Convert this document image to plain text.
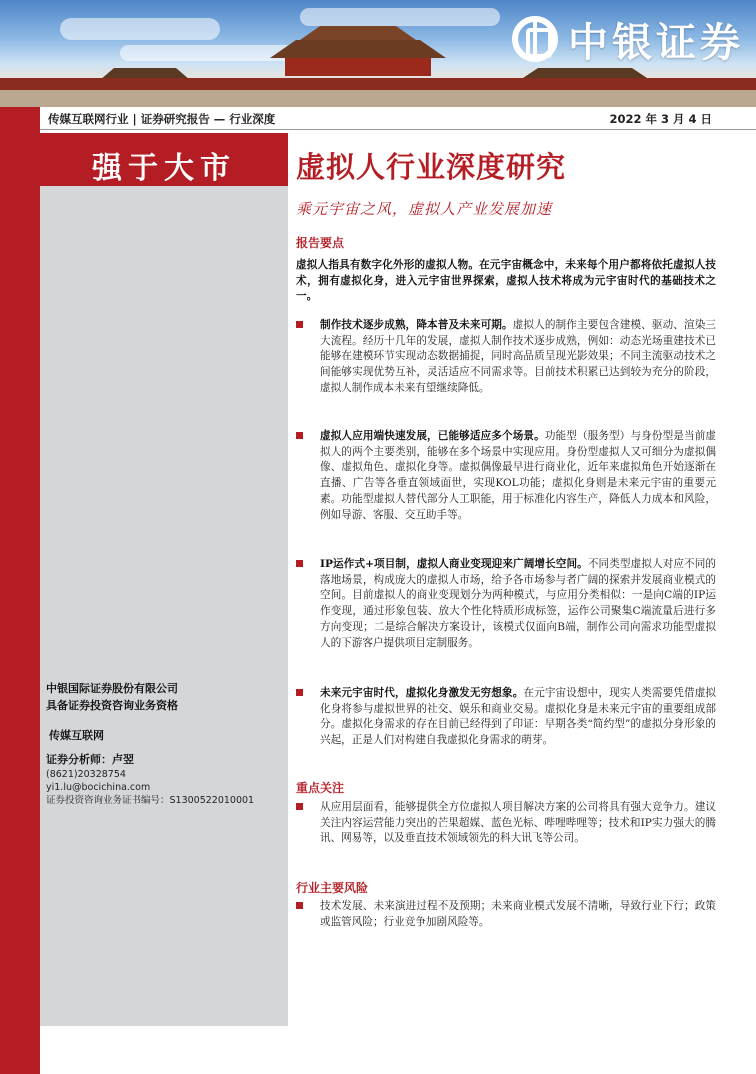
中银证券
传媒互联网行业 | 证券研究报告 — 行业深度	2022 年 3 月 4 日
强于大市
中银国际证券股份有限公司
具备证券投资咨询业务资格
传媒互联网
证券分析师：卢翌
(8621)20328754
yi1.lu@bocichina.com
证券投资咨询业务证书编号：S1300522010001
虚拟人行业深度研究
乘元宇宙之风，虚拟人产业发展加速
报告要点
虚拟人指具有数字化外形的虚拟人物。在元宇宙概念中，未来每个用户都将依托虚拟人技术，拥有虚拟化身，进入元宇宙世界探索，虚拟人技术将成为元宇宙时代的基础技术之一。
制作技术逐步成熟，降本普及未来可期。虚拟人的制作主要包含建模、驱动、渲染三大流程。经历十几年的发展，虚拟人制作技术逐步成熟，例如：动态光场重建技术已能够在建模环节实现动态数据捕捉，同时高品质呈现光影效果；不同主流驱动技术之间能够实现优势互补，灵活适应不同需求等。目前技术积累已达到较为充分的阶段，虚拟人制作成本未来有望继续降低。
虚拟人应用端快速发展，已能够适应多个场景。功能型（服务型）与身份型是当前虚拟人的两个主要类别，能够在多个场景中实现应用。身份型虚拟人又可细分为虚拟偶像、虚拟角色、虚拟化身等。虚拟偶像最早进行商业化，近年来虚拟角色开始逐渐在直播、广告等各垂直领域面世，实现KOL功能；虚拟化身则是未来元宇宙的重要元素。功能型虚拟人替代部分人工职能，用于标准化内容生产，降低人力成本和风险，例如导游、客服、交互助手等。
IP运作式+项目制，虚拟人商业变现迎来广阔增长空间。不同类型虚拟人对应不同的落地场景，构成庞大的虚拟人市场，给予各市场参与者广阔的探索并发展商业模式的空间。目前虚拟人的商业变现划分为两种模式，与应用分类相似：一是向C端的IP运作变现，通过形象包装、放大个性化特质形成标签，运作公司聚集C端流量后进行多方向变现；二是综合解决方案设计，该模式仅面向B端，制作公司向需求功能型虚拟人的下游客户提供项目定制服务。
未来元宇宙时代，虚拟化身激发无穷想象。在元宇宙设想中，现实人类需要凭借虚拟化身将参与虚拟世界的社交、娱乐和商业交易。虚拟化身是未来元宇宙的重要组成部分。虚拟化身需求的存在目前已经得到了印证：早期各类“简约型”的虚拟分身形象的兴起，正是人们对构建自我虚拟化身需求的萌芽。
重点关注
从应用层面看，能够提供全方位虚拟人项目解决方案的公司将具有强大竞争力。建议关注内容运营能力突出的芒果超媒、蓝色光标、哔哩哔哩等；技术和IP实力强大的腾讯、网易等，以及垂直技术领域领先的科大讯飞等公司。
行业主要风险
技术发展、未来演进过程不及预期；未来商业模式发展不清晰，导致行业下行；政策或监管风险；行业竞争加剧风险等。
